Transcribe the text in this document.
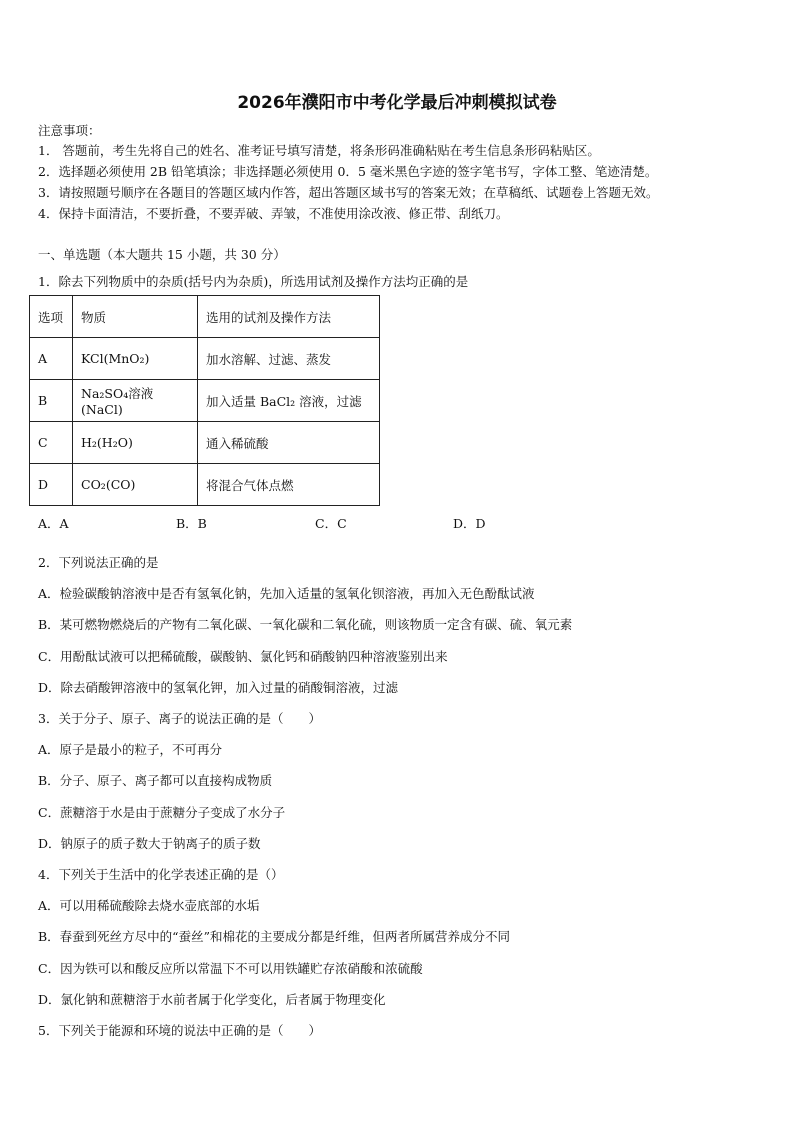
2026年濮阳市中考化学最后冲刺模拟试卷
注意事项：
1． 答题前，考生先将自己的姓名、准考证号填写清楚，将条形码准确粘贴在考生信息条形码粘贴区。
2．选择题必须使用 2B 铅笔填涂；非选择题必须使用 0．5 毫米黑色字迹的签字笔书写，字体工整、笔迹清楚。
3．请按照题号顺序在各题目的答题区域内作答，超出答题区域书写的答案无效；在草稿纸、试题卷上答题无效。
4．保持卡面清洁，不要折叠，不要弄破、弄皱，不准使用涂改液、修正带、刮纸刀。
一、单选题（本大题共 15 小题，共 30 分）
1．除去下列物质中的杂质(括号内为杂质)，所选用试剂及操作方法均正确的是
选项	物质	选用的试剂及操作方法
A	KCl(MnO₂)	加水溶解、过滤、蒸发
B	Na₂SO₄溶液(NaCl)	加入适量 BaCl₂ 溶液，过滤
C	H₂(H₂O)	通入稀硫酸
D	CO₂(CO)	将混合气体点燃
A．A	B．B	C．C	D．D
2．下列说法正确的是
A．检验碳酸钠溶液中是否有氢氧化钠，先加入适量的氢氧化钡溶液，再加入无色酚酞试液
B．某可燃物燃烧后的产物有二氧化碳、一氧化碳和二氧化硫，则该物质一定含有碳、硫、氧元素
C．用酚酞试液可以把稀硫酸，碳酸钠、氯化钙和硝酸钠四种溶液鉴别出来
D．除去硝酸钾溶液中的氢氧化钾，加入过量的硝酸铜溶液，过滤
3．关于分子、原子、离子的说法正确的是（　　）
A．原子是最小的粒子，不可再分
B．分子、原子、离子都可以直接构成物质
C．蔗糖溶于水是由于蔗糖分子变成了水分子
D．钠原子的质子数大于钠离子的质子数
4．下列关于生活中的化学表述正确的是（）
A．可以用稀硫酸除去烧水壶底部的水垢
B．春蚕到死丝方尽中的“蚕丝”和棉花的主要成分都是纤维，但两者所属营养成分不同
C．因为铁可以和酸反应所以常温下不可以用铁罐贮存浓硝酸和浓硫酸
D．氯化钠和蔗糖溶于水前者属于化学变化，后者属于物理变化
5．下列关于能源和环境的说法中正确的是（　　）
